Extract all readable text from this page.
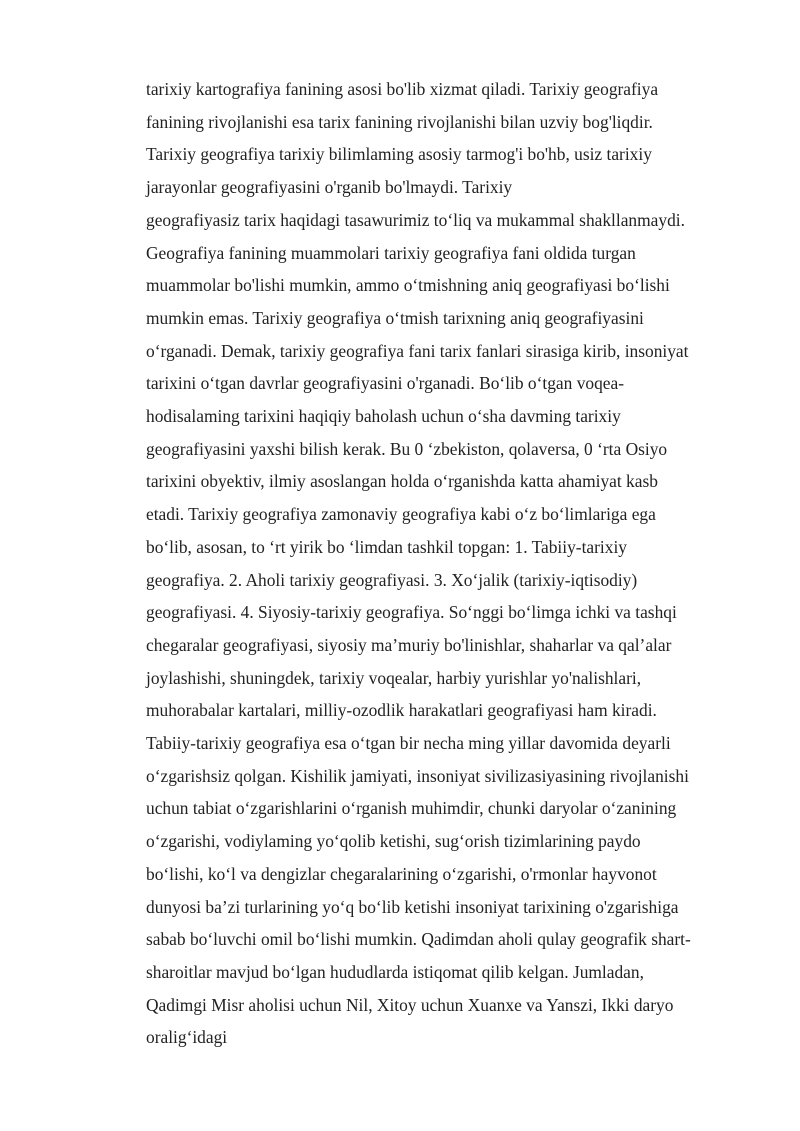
tarixiy kartografiya fanining asosi bo'lib xizmat qiladi. Tarixiy geografiya
fanining rivojlanishi esa tarix fanining rivojlanishi bilan uzviy bog'liqdir.
Tarixiy geografiya tarixiy bilimlaming asosiy tarmog'i bo'hb, usiz tarixiy
jarayonlar geografiyasini o'rganib bo'lmaydi. Tarixiy
geografiyasiz tarix haqidagi tasawurimiz to‘liq va mukammal shakllanmaydi.
Geografiya fanining muammolari tarixiy geografiya fani oldida turgan
muammolar bo'lishi mumkin, ammo o‘tmishning aniq geografiyasi bo‘lishi
mumkin emas. Tarixiy geografiya o‘tmish tarixning aniq geografiyasini
o‘rganadi. Demak, tarixiy geografiya fani tarix fanlari sirasiga kirib, insoniyat
tarixini o‘tgan davrlar geografiyasini o'rganadi. Bo‘lib o‘tgan voqea-
hodisalaming tarixini haqiqiy baholash uchun o‘sha davming tarixiy
geografiyasini yaxshi bilish kerak. Bu 0 ‘zbekiston, qolaversa, 0 ‘rta Osiyo
tarixini obyektiv, ilmiy asoslangan holda o‘rganishda katta ahamiyat kasb
etadi. Tarixiy geografiya zamonaviy geografiya kabi o‘z bo‘limlariga ega
bo‘lib, asosan, to ‘rt yirik bo ‘limdan tashkil topgan: 1. Tabiiy-tarixiy
geografiya. 2. Aholi tarixiy geografiyasi. 3. Xo‘jalik (tarixiy-iqtisodiy)
geografiyasi. 4. Siyosiy-tarixiy geografiya. So‘nggi bo‘limga ichki va tashqi
chegaralar geografiyasi, siyosiy ma’muriy bo'linishlar, shaharlar va qal’alar
joylashishi, shuningdek, tarixiy voqealar, harbiy yurishlar yo'nalishlari,
muhorabalar kartalari, milliy-ozodlik harakatlari geografiyasi ham kiradi.
Tabiiy-tarixiy geografiya esa o‘tgan bir necha ming yillar davomida deyarli
o‘zgarishsiz qolgan. Kishilik jamiyati, insoniyat sivilizasiyasining rivojlanishi
uchun tabiat o‘zgarishlarini o‘rganish muhimdir, chunki daryolar o‘zanining
o‘zgarishi, vodiylaming yo‘qolib ketishi, sug‘orish tizimlarining paydo
bo‘lishi, ko‘l va dengizlar chegaralarining o‘zgarishi, o'rmonlar hayvonot
dunyosi ba’zi turlarining yo‘q bo‘lib ketishi insoniyat tarixining o'zgarishiga
sabab bo‘luvchi omil bo‘lishi mumkin. Qadimdan aholi qulay geografik shart-
sharoitlar mavjud bo‘lgan hududlarda istiqomat qilib kelgan. Jumladan,
Qadimgi Misr aholisi uchun Nil, Xitoy uchun Xuanxe va Yanszi, Ikki daryo
oralig‘idagi
